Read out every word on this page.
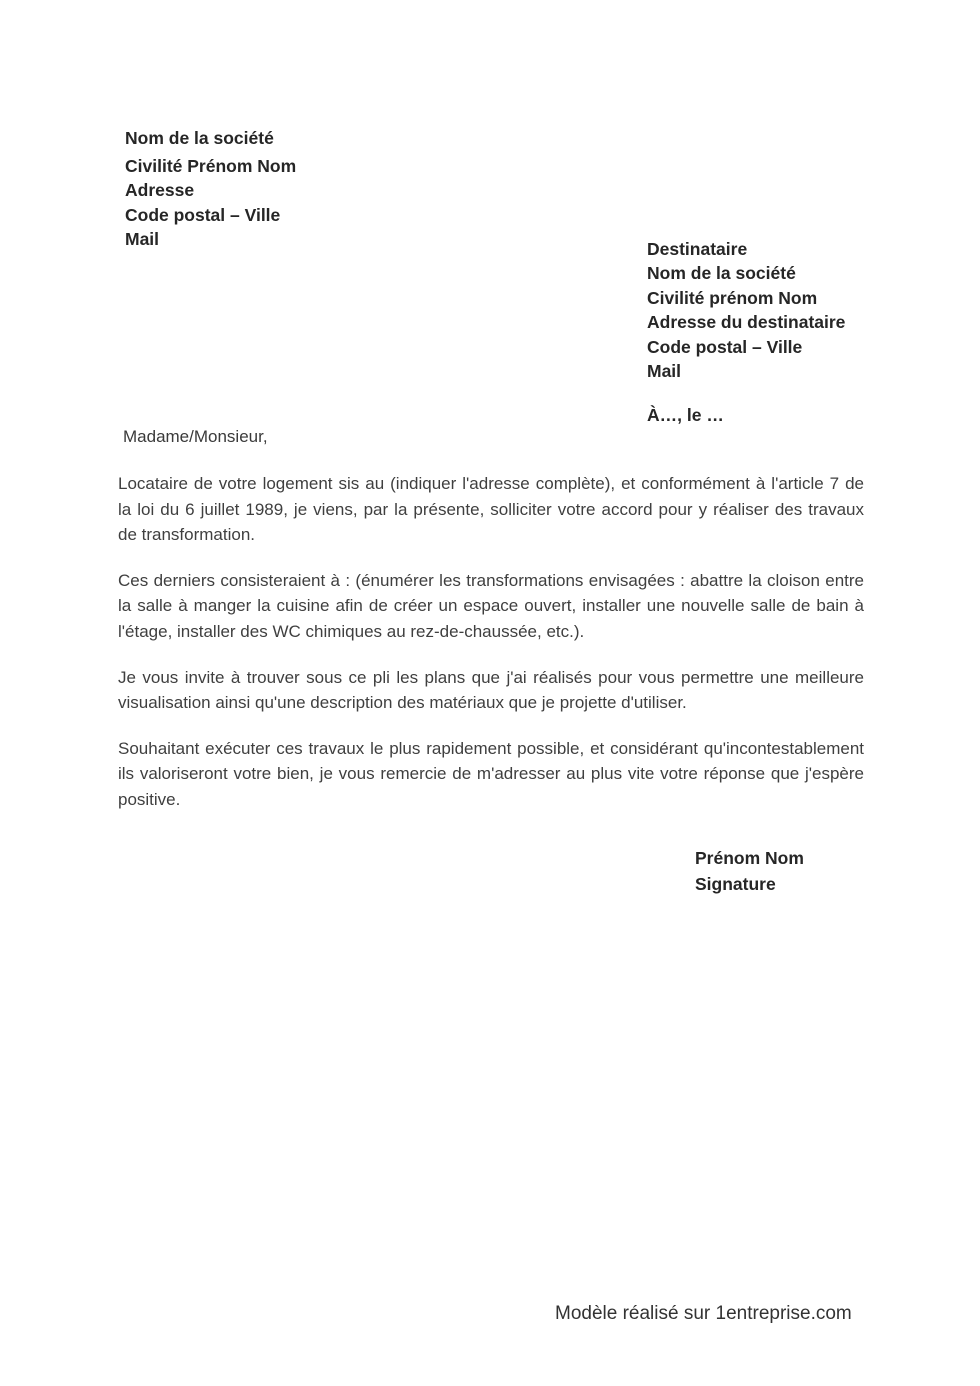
Nom de la société
Civilité Prénom Nom
Adresse
Code postal – Ville
Mail	Destinataire
Nom de la société
Civilité prénom Nom
Adresse du destinataire
Code postal – Ville
Mail
À…, le …
Madame/Monsieur,

Locataire de votre logement sis au (indiquer l'adresse complète), et conformément à l'article 7 de la loi du 6 juillet 1989, je viens, par la présente, solliciter votre accord pour y réaliser des travaux de transformation.

Ces derniers consisteraient à : (énumérer les transformations envisagées : abattre la cloison entre la salle à manger la cuisine afin de créer un espace ouvert, installer une nouvelle salle de bain à l'étage, installer des WC chimiques au rez-de-chaussée, etc.).

Je vous invite à trouver sous ce pli les plans que j'ai réalisés pour vous permettre une meilleure visualisation ainsi qu'une description des matériaux que je projette d'utiliser.

Souhaitant exécuter ces travaux le plus rapidement possible, et considérant qu'incontestablement ils valoriseront votre bien, je vous remercie de m'adresser au plus vite votre réponse que j'espère positive.

Prénom Nom
Signature
Modèle réalisé sur 1entreprise.com
